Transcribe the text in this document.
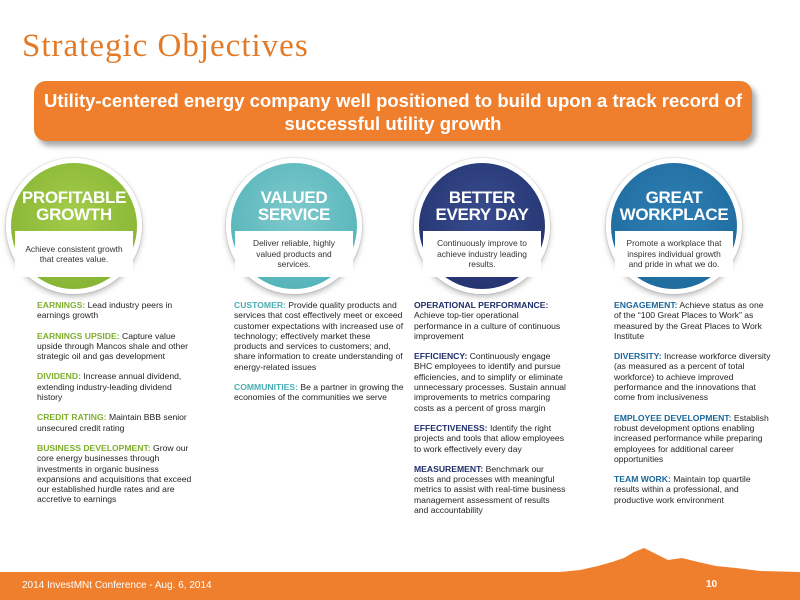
Strategic Objectives
Utility-centered energy company well positioned to build upon a track record of successful utility growth
PROFITABLE
GROWTH
Achieve consistent growth that creates value.
VALUED
SERVICE
Deliver reliable, highly valued products and services.
BETTER
EVERY DAY
Continuously improve to achieve industry leading results.
GREAT
WORKPLACE
Promote a workplace that inspires individual growth and pride in what we do.

EARNINGS: Lead industry peers in earnings growth

EARNINGS UPSIDE: Capture value upside through Mancos shale and other strategic oil and gas development

DIVIDEND: Increase annual dividend, extending industry-leading dividend history

CREDIT RATING: Maintain BBB senior unsecured credit rating

BUSINESS DEVELOPMENT: Grow our core energy businesses through investments in organic business expansions and acquisitions that exceed our established hurdle rates and are accretive to earnings

CUSTOMER: Provide quality products and services that cost effectively meet or exceed customer expectations with increased use of technology; effectively market these products and services to customers; and, share information to create understanding of energy-related issues

COMMUNITIES: Be a partner in growing the economies of the communities we serve

OPERATIONAL PERFORMANCE: Achieve top-tier operational performance in a culture of continuous improvement

EFFICIENCY: Continuously engage BHC employees to identify and pursue efficiencies, and to simplify or eliminate unnecessary processes. Sustain annual improvements to metrics comparing costs as a percent of gross margin

EFFECTIVENESS: Identify the right projects and tools that allow employees to work effectively every day

MEASUREMENT: Benchmark our costs and processes with meaningful metrics to assist with real-time business management assessment of results and accountability

ENGAGEMENT: Achieve status as one of the “100 Great Places to Work” as measured by the Great Places to Work Institute

DIVERSITY: Increase workforce diversity (as measured as a percent of total workforce) to achieve improved performance and the innovations that come from inclusiveness

EMPLOYEE DEVELOPMENT: Establish robust development options enabling increased performance while preparing employees for additional career opportunities

TEAM WORK: Maintain top quartile results within a professional, and productive work environment

2014 InvestMNt Conference - Aug. 6, 2014	10
